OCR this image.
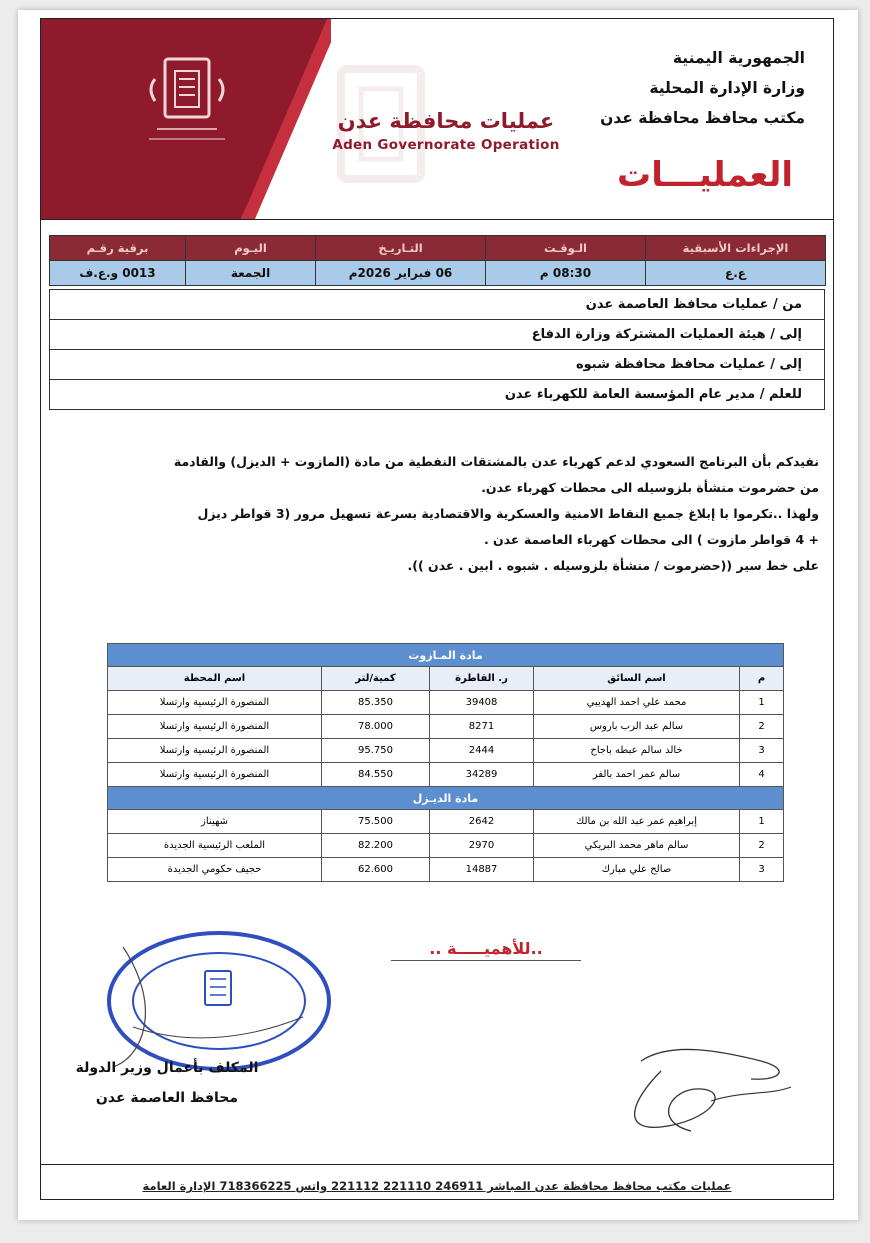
عمليات محافظة عدن
Aden Governorate Operation
الجمهورية اليمنية
وزارة الإدارة المحلية
مكتب محافظ محافظة عدن
العمليـــات
الإجراءات الأسبقية	الـوقـت	التـاريـخ	اليـوم	برقية رقـم
ع.ع	08:30 م	06 فبراير 2026م	الجمعة	0013 و.ع.ف
من / عمليات محافظ العاصمة عدن
إلى / هيئة العمليات المشتركة وزارة الدفاع
إلى / عمليات محافظ محافظة شبوه
للعلم / مدير عام المؤسسة العامة للكهرباء عدن

نفيدكم بأن البرنامج السعودي لدعم كهرباء عدن بالمشتقات النفطية من مادة (المازوت + الديزل) والقادمة

من حضرموت منشأة بلزوسيله الى محطات كهرباء عدن.

ولهذا ..تكرموا با إبلاغ جميع النقاط الامنية والعسكرية والاقتصادية بسرعة تسهيل مرور (3 قواطر ديزل

+ 4 قواطر مازوت ) الى محطات كهرباء العاصمة عدن .

على خط سير ((حضرموت / منشأة بلزوسيله . شبوه . ابين . عدن )).

مادة المـازوت				
م	اسم السائق	ر. القاطرة	كمية/لتر	اسم المحطة
1	محمد علي احمد الهديبي	39408	85.350	المنصورة الرئيسية وارتسلا
2	سالم عبد الرب باروس	8271	78.000	المنصورة الرئيسية وارتسلا
3	خالد سالم عبطه باجاح	2444	95.750	المنصورة الرئيسية وارتسلا
4	سالم عمر احمد بالفر	34289	84.550	المنصورة الرئيسية وارتسلا
مادة الديـزل				
1	إبراهيم عمر عبد الله بن مالك	2642	75.500	شهيناز
2	سالم ماهر محمد البريكي	2970	82.200	الملعب الرئيسية الجديدة
3	صالح علي مبارك	14887	62.600	حجيف حكومي الجديدة
..للأهميـــــة ..
المكلف بأعمال وزير الدولة
محافظ العاصمة عدن
عمليات مكتب محافظ محافظة عدن المباشر 246911 221110 221112 واتس 718366225 الإدارة العامة
